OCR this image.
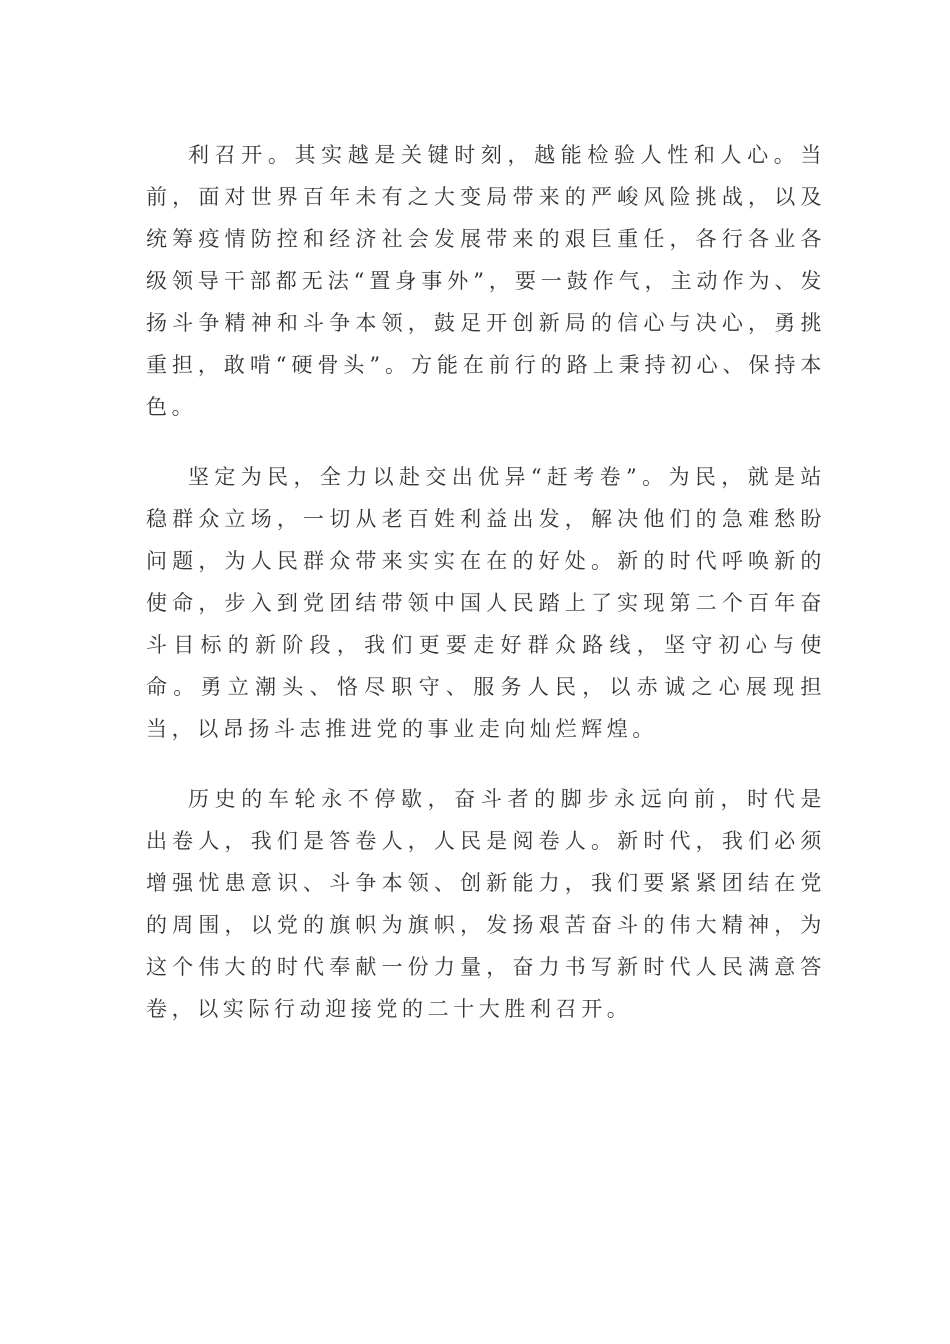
利召开。其实越是关键时刻，越能检验人性和人心。当前，面对世界百年未有之大变局带来的严峻风险挑战，以及统筹疫情防控和经济社会发展带来的艰巨重任，各行各业各级领导干部都无法“置身事外”，要一鼓作气，主动作为、发扬斗争精神和斗争本领，鼓足开创新局的信心与决心，勇挑重担，敢啃“硬骨头”。方能在前行的路上秉持初心、保持本色。

坚定为民，全力以赴交出优异“赶考卷”。为民，就是站稳群众立场，一切从老百姓利益出发，解决他们的急难愁盼问题，为人民群众带来实实在在的好处。新的时代呼唤新的使命，步入到党团结带领中国人民踏上了实现第二个百年奋斗目标的新阶段，我们更要走好群众路线，坚守初心与使命。勇立潮头、恪尽职守、服务人民，以赤诚之心展现担当，以昂扬斗志推进党的事业走向灿烂辉煌。

历史的车轮永不停歇，奋斗者的脚步永远向前，时代是出卷人，我们是答卷人，人民是阅卷人。新时代，我们必须增强忧患意识、斗争本领、创新能力，我们要紧紧团结在党的周围，以党的旗帜为旗帜，发扬艰苦奋斗的伟大精神，为这个伟大的时代奉献一份力量，奋力书写新时代人民满意答卷，以实际行动迎接党的二十大胜利召开。
